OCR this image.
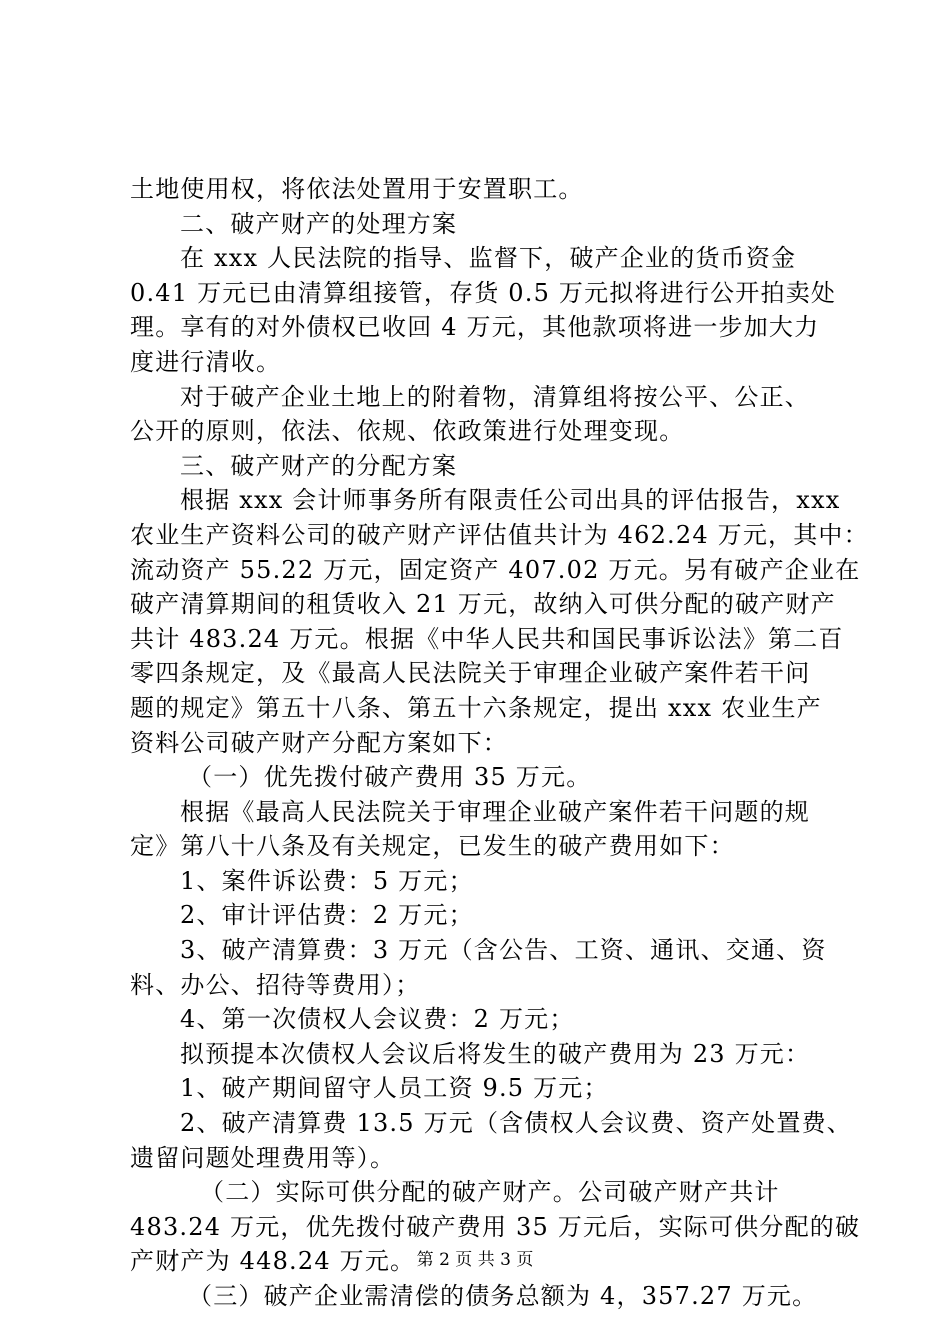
土地使用权，将依法处置用于安置职工。
二、破产财产的处理方案
在 xxx 人民法院的指导、监督下，破产企业的货币资金
0.41 万元已由清算组接管，存货 0.5 万元拟将进行公开拍卖处
理。享有的对外债权已收回 4 万元，其他款项将进一步加大力
度进行清收。
对于破产企业土地上的附着物，清算组将按公平、公正、
公开的原则，依法、依规、依政策进行处理变现。
三、破产财产的分配方案
根据 xxx 会计师事务所有限责任公司出具的评估报告，xxx
农业生产资料公司的破产财产评估值共计为 462.24 万元，其中：
流动资产 55.22 万元，固定资产 407.02 万元。另有破产企业在
破产清算期间的租赁收入 21 万元，故纳入可供分配的破产财产
共计 483.24 万元。根据《中华人民共和国民事诉讼法》第二百
零四条规定，及《最高人民法院关于审理企业破产案件若干问
题的规定》第五十八条、第五十六条规定，提出 xxx 农业生产
资料公司破产财产分配方案如下：
（一）优先拨付破产费用 35 万元。
根据《最高人民法院关于审理企业破产案件若干问题的规
定》第八十八条及有关规定，已发生的破产费用如下：
1、案件诉讼费：5 万元；
2、审计评估费：2 万元；
3、破产清算费：3 万元（含公告、工资、通讯、交通、资
料、办公、招待等费用）；
4、第一次债权人会议费：2 万元；
拟预提本次债权人会议后将发生的破产费用为 23 万元：
1、破产期间留守人员工资 9.5 万元；
2、破产清算费 13.5 万元（含债权人会议费、资产处置费、
遗留问题处理费用等）。
（二）实际可供分配的破产财产。公司破产财产共计
483.24 万元，优先拨付破产费用 35 万元后，实际可供分配的破
产财产为 448.24 万元。
（三）破产企业需清偿的债务总额为 4，357.27 万元。
第 2 页 共 3 页
